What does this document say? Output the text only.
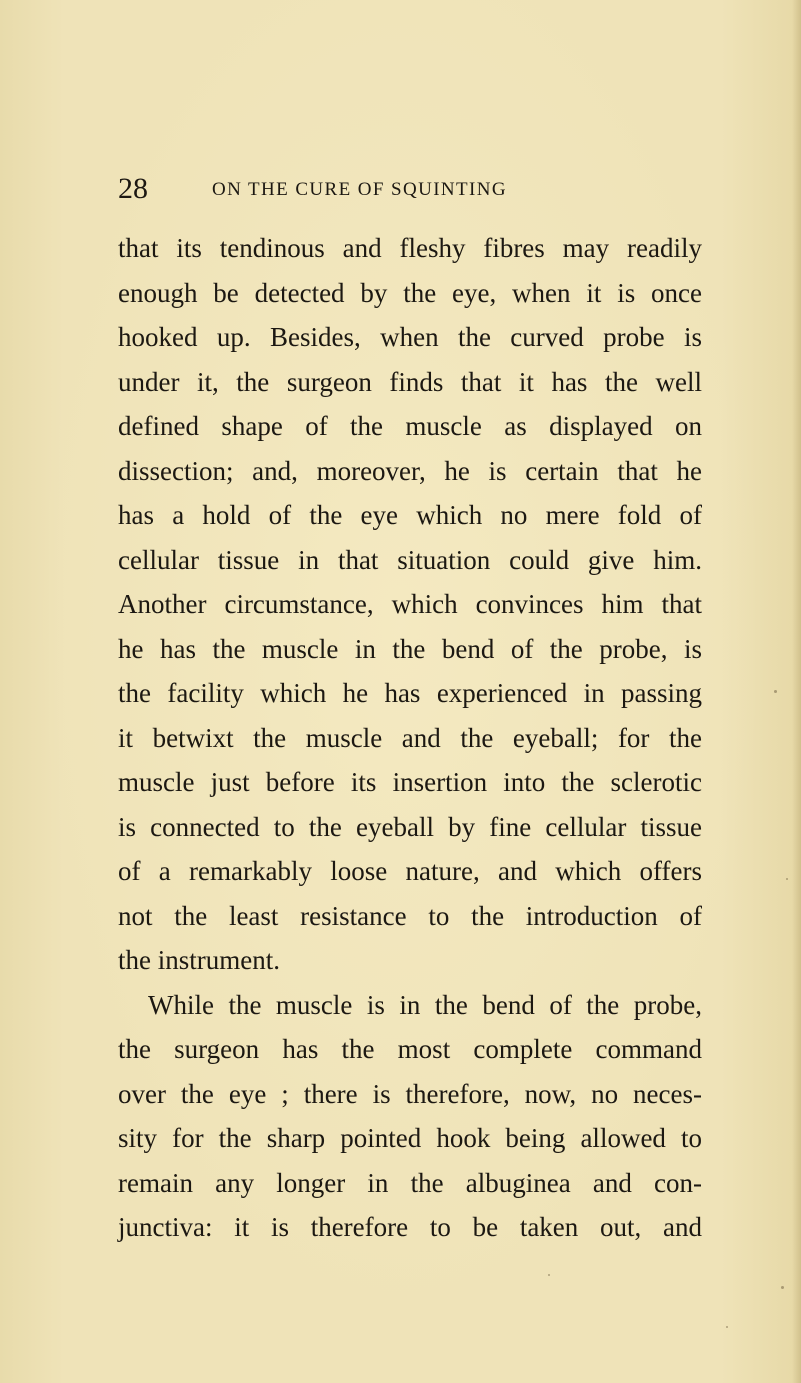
28	ON THE CURE OF SQUINTING
that its tendinous and fleshy fibres may readily
enough be detected by the eye, when it is once
hooked up. Besides, when the curved probe is
under it, the surgeon finds that it has the well
defined shape of the muscle as displayed on
dissection; and, moreover, he is certain that he
has a hold of the eye which no mere fold of
cellular tissue in that situation could give him.
Another circumstance, which convinces him that
he has the muscle in the bend of the probe, is
the facility which he has experienced in passing
it betwixt the muscle and the eyeball; for the
muscle just before its insertion into the sclerotic
is connected to the eyeball by fine cellular tissue
of a remarkably loose nature, and which offers
not the least resistance to the introduction of
the instrument.
While the muscle is in the bend of the probe,
the surgeon has the most complete command
over the eye ; there is therefore, now, no neces-
sity for the sharp pointed hook being allowed to
remain any longer in the albuginea and con-
junctiva: it is therefore to be taken out, and
